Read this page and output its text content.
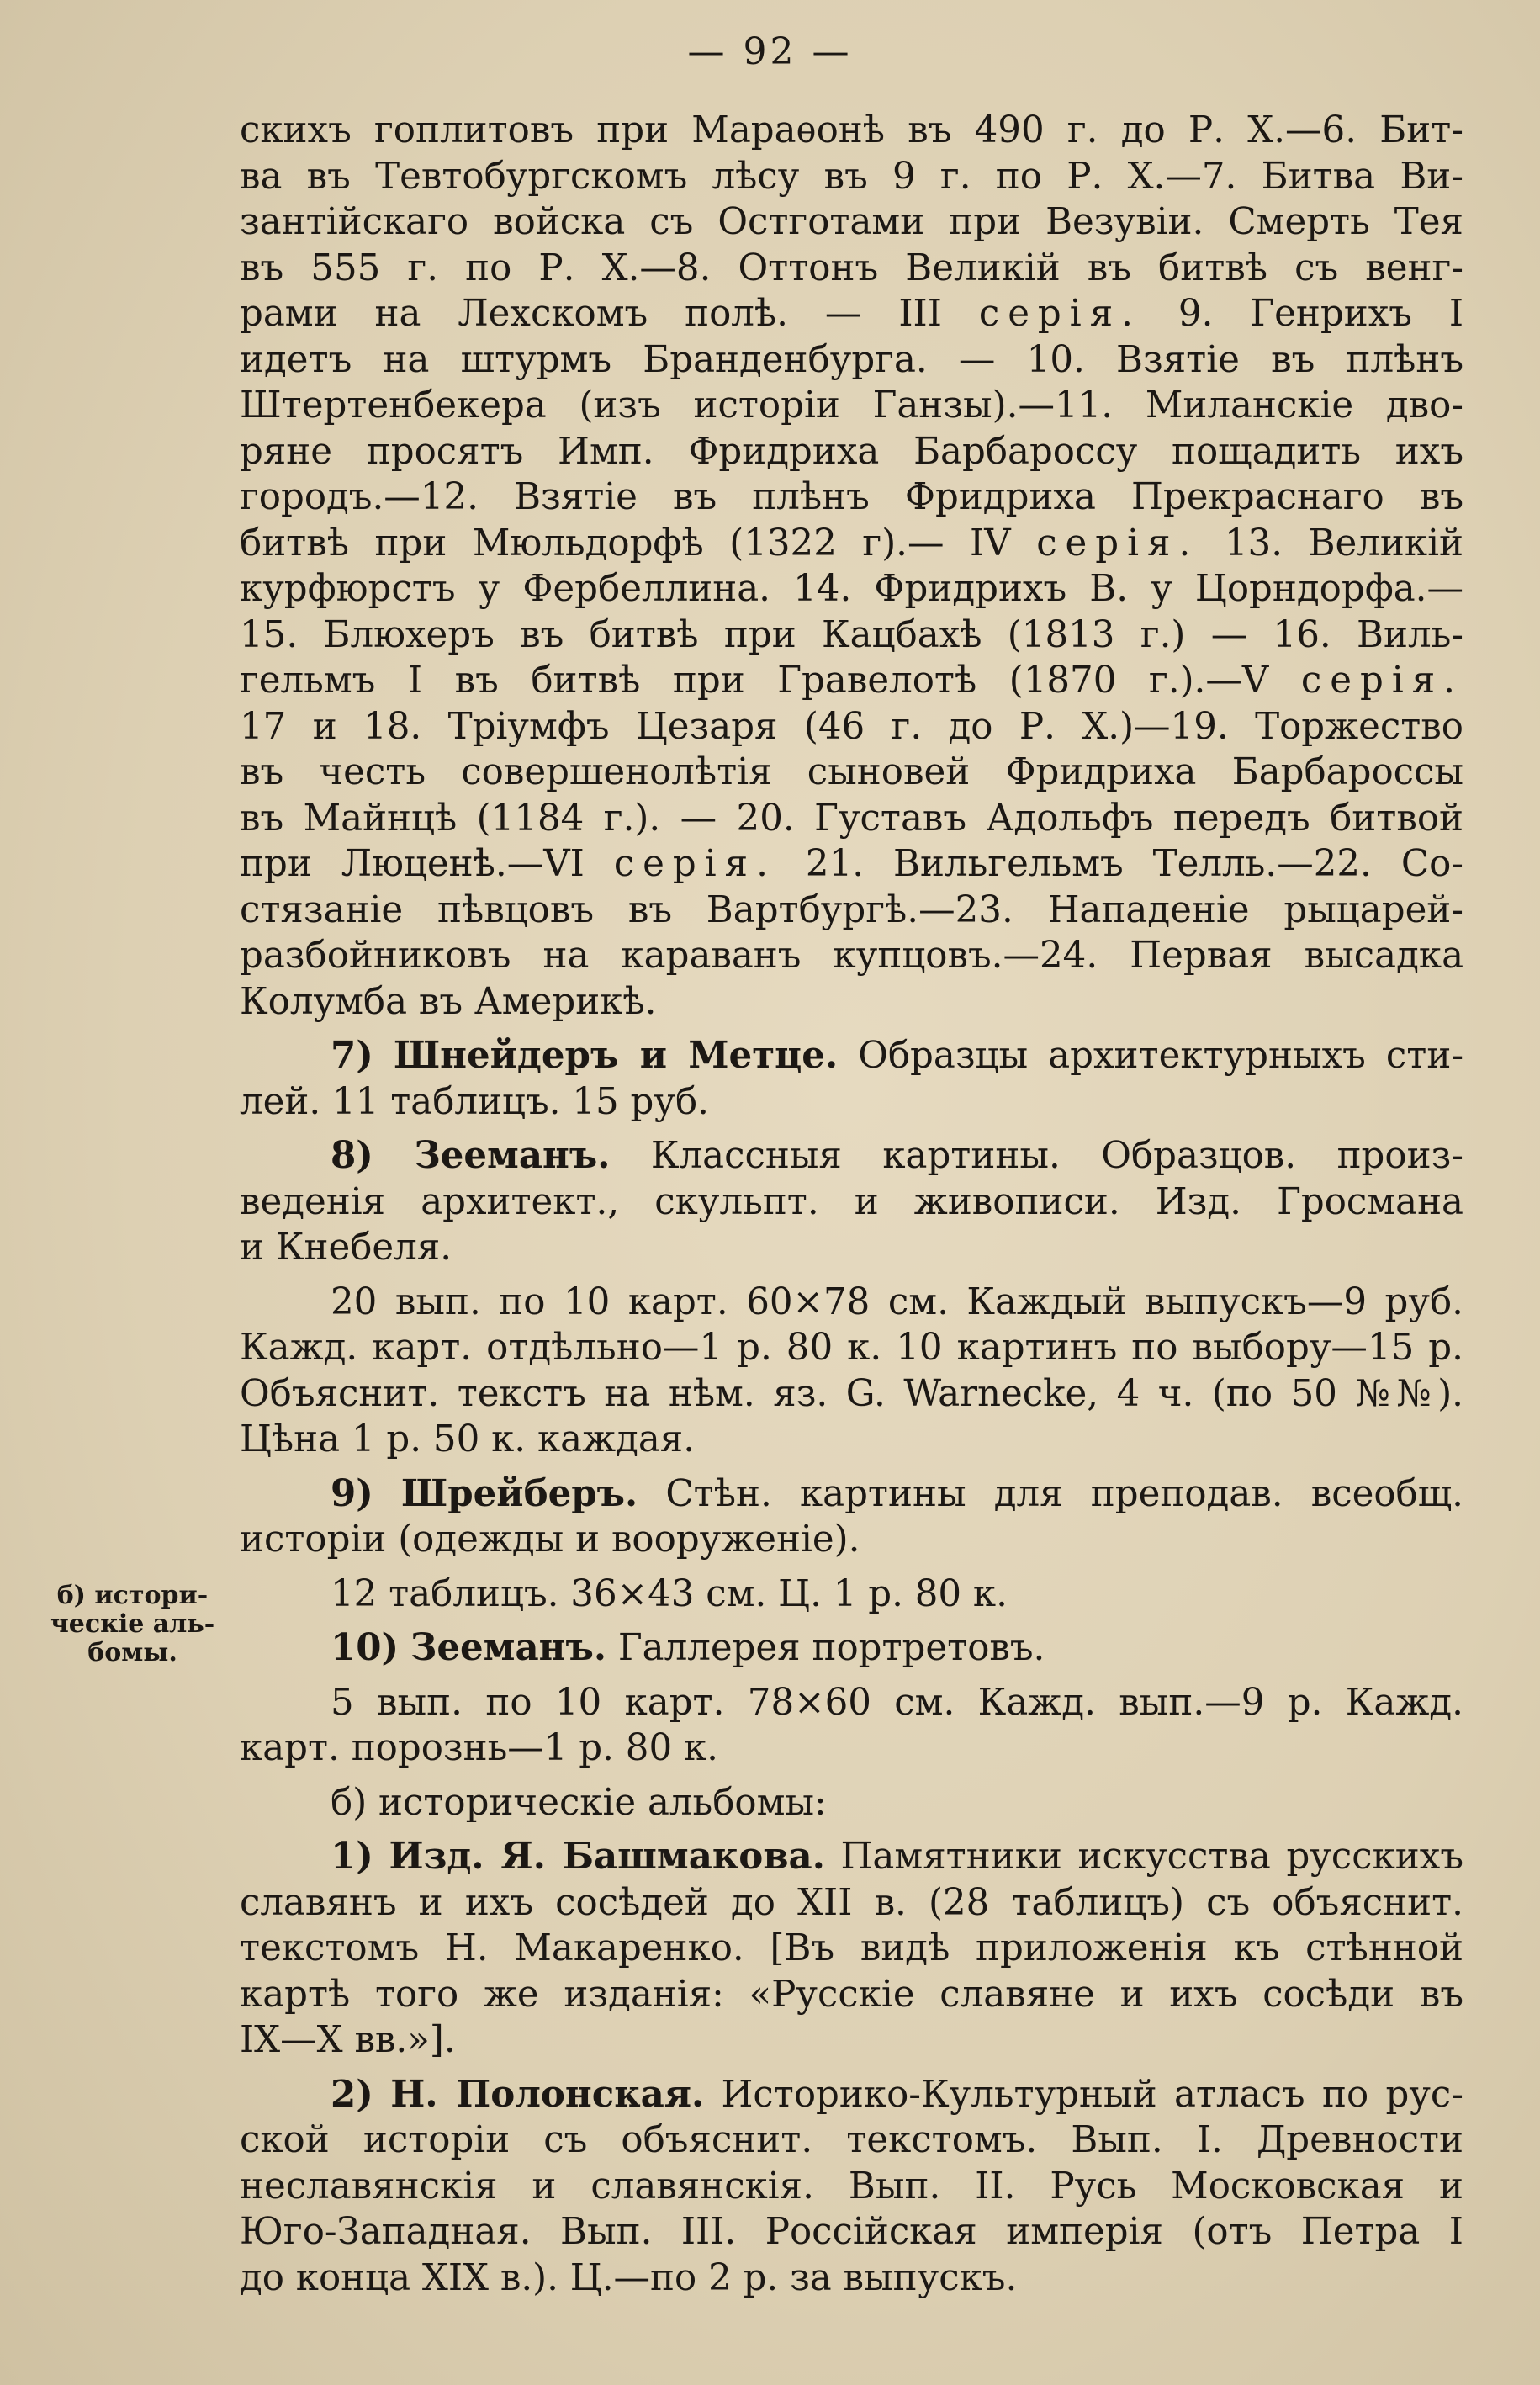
— 92 —
б) истори-
ческіе аль-
бомы.
скихъ гоплитовъ при Мараѳонѣ въ 490 г. до Р. Х.—6. Бит-
ва въ Тевтобургскомъ лѣсу въ 9 г. по Р. Х.—7. Битва Ви-
зантійскаго войска съ Остготами при Везувіи. Смерть Тея
въ 555 г. по Р. Х.—8. Оттонъ Великій въ битвѣ съ венг-
рами на Лехскомъ полѣ. — III серія. 9. Генрихъ I
идетъ на штурмъ Бранденбурга. — 10. Взятіе въ плѣнъ
Штертенбекера (изъ исторіи Ганзы).—11. Миланскіе дво-
ряне просятъ Имп. Фридриха Барбароссу пощадить ихъ
городъ.—12. Взятіе въ плѣнъ Фридриха Прекраснаго въ
битвѣ при Мюльдорфѣ (1322 г).— IV серія. 13. Великій
курфюрстъ у Фербеллина. 14. Фридрихъ В. у Цорндорфа.—
15. Блюхеръ въ битвѣ при Кацбахѣ (1813 г.) — 16. Виль-
гельмъ I въ битвѣ при Гравелотѣ (1870 г.).—V серія.
17 и 18. Тріумфъ Цезаря (46 г. до Р. Х.)—19. Торжество
въ честь совершенолѣтія сыновей Фридриха Барбароссы
въ Майнцѣ (1184 г.). — 20. Густавъ Адольфъ передъ битвой
при Люценѣ.—VI серія. 21. Вильгельмъ Телль.—22. Со-
стязаніе пѣвцовъ въ Вартбургѣ.—23. Нападеніе рыцарей-
разбойниковъ на караванъ купцовъ.—24. Первая высадка
Колумба въ Америкѣ.
7) Шнейдеръ и Метце. Образцы архитектурныхъ сти-
лей. 11 таблицъ. 15 руб.
8) Зееманъ. Классныя картины. Образцов. произ-
веденія архитект., скульпт. и живописи. Изд. Гросмана
и Кнебеля.
20 вып. по 10 карт. 60×78 см. Каждый выпускъ—9 руб.
Кажд. карт. отдѣльно—1 р. 80 к. 10 картинъ по выбору—15 р.
Объяснит. текстъ на нѣм. яз. G. Warnecke, 4 ч. (по 50 №№).
Цѣна 1 р. 50 к. каждая.
9) Шрейберъ. Стѣн. картины для преподав. всеобщ.
исторіи (одежды и вооруженіе).
12 таблицъ. 36×43 см. Ц. 1 р. 80 к.
10) Зееманъ. Галлерея портретовъ.
5 вып. по 10 карт. 78×60 см. Кажд. вып.—9 р. Кажд.
карт. порознь—1 р. 80 к.
б) историческіе альбомы:
1) Изд. Я. Башмакова. Памятники искусства русскихъ
славянъ и ихъ сосѣдей до XII в. (28 таблицъ) съ объяснит.
текстомъ Н. Макаренко. [Въ видѣ приложенія къ стѣнной
картѣ того же изданія: «Русскіе славяне и ихъ сосѣди въ
IX—X вв.»].
2) Н. Полонская. Историко-Культурный атласъ по рус-
ской исторіи съ объяснит. текстомъ. Вып. I. Древности
неславянскія и славянскія. Вып. II. Русь Московская и
Юго-Западная. Вып. III. Россійская имперія (отъ Петра I
до конца XIX в.). Ц.—по 2 р. за выпускъ.
